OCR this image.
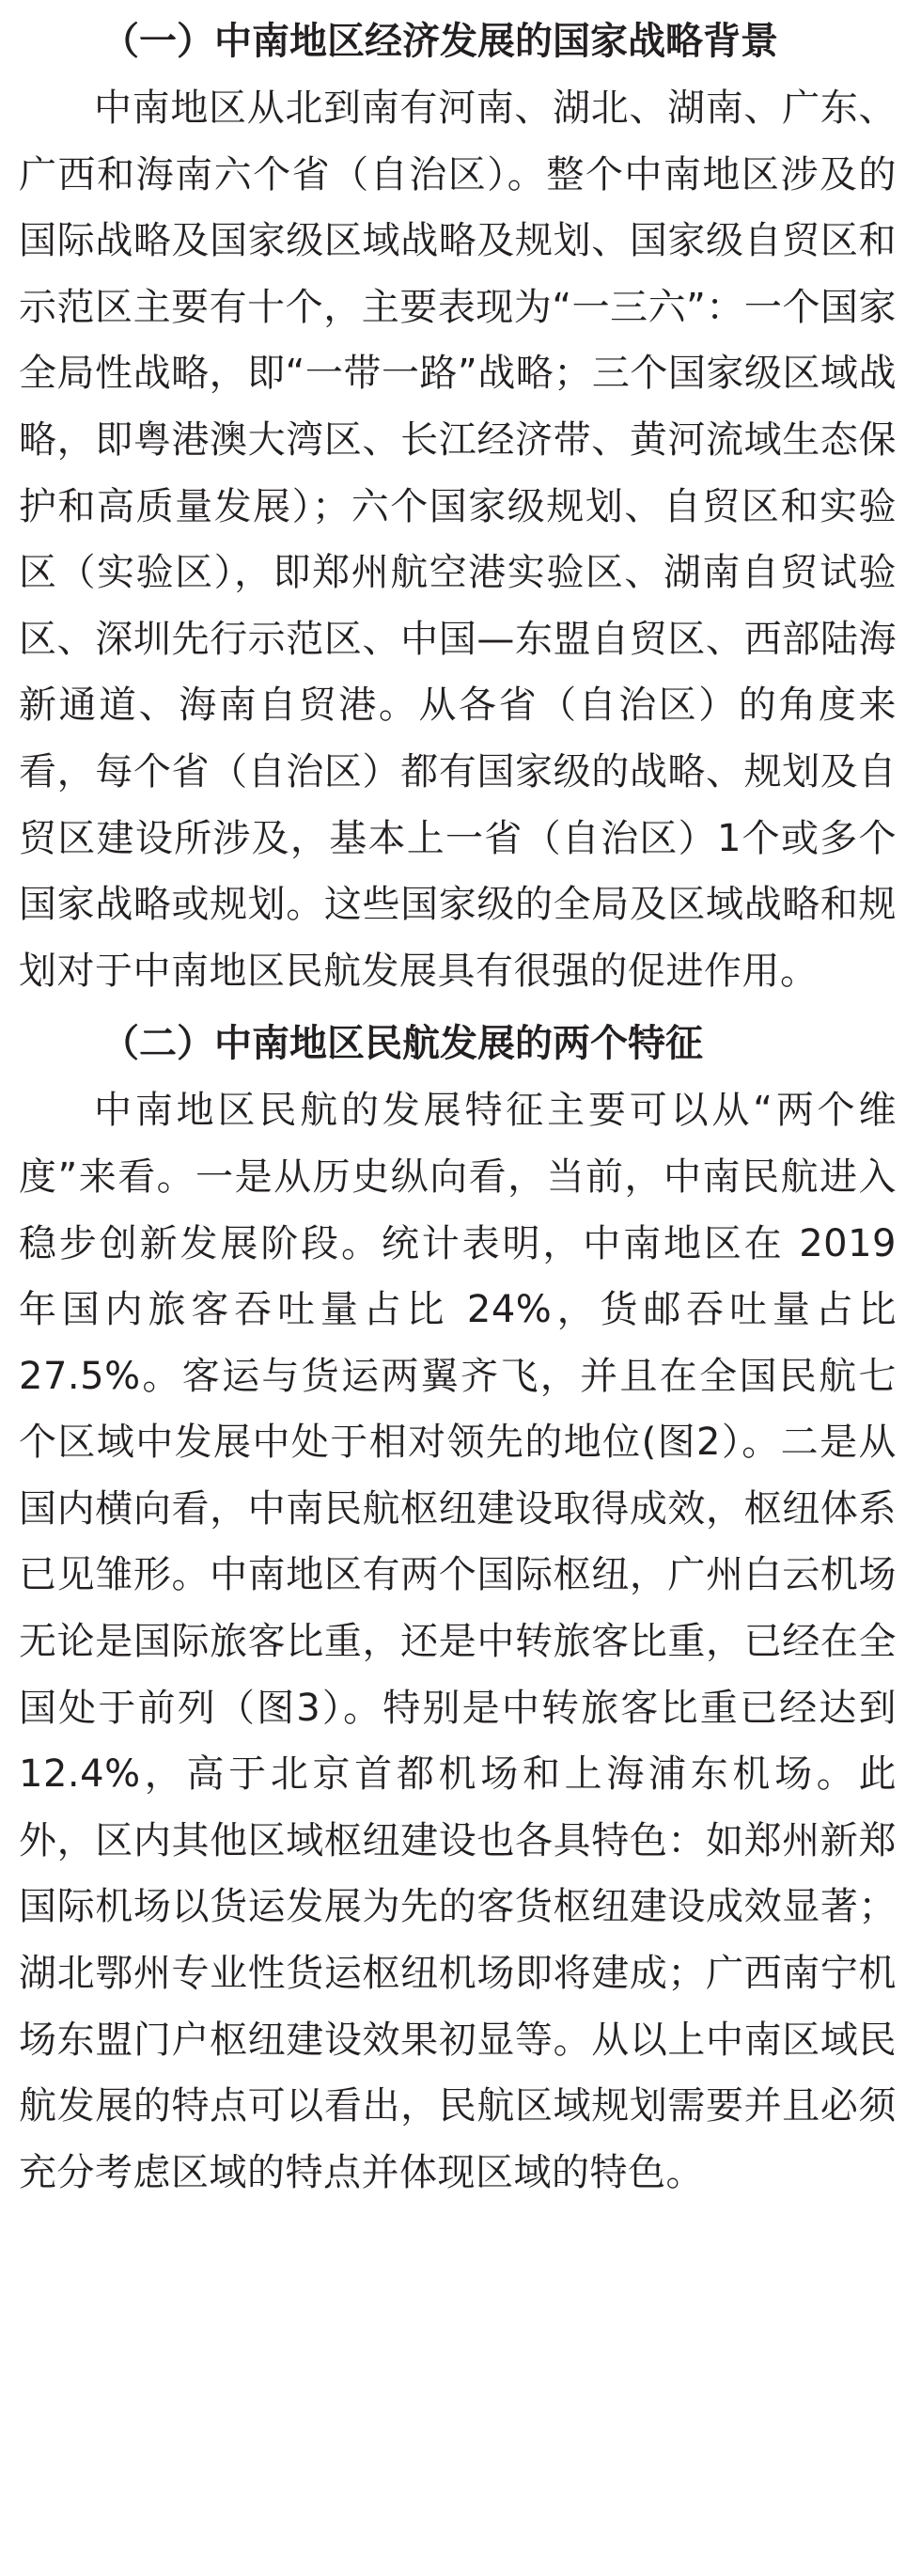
（一）中南地区经济发展的国家战略背景

中南地区从北到南有河南、湖北、湖南、广东、广西和海南六个省（自治区）。整个中南地区涉及的国际战略及国家级区域战略及规划、国家级自贸区和示范区主要有十个，主要表现为“一三六”：一个国家全局性战略，即“一带一路”战略；三个国家级区域战略，即粤港澳大湾区、长江经济带、黄河流域生态保护和高质量发展）；六个国家级规划、自贸区和实验区（实验区），即郑州航空港实验区、湖南自贸试验区、深圳先行示范区、中国—东盟自贸区、西部陆海新通道、海南自贸港。从各省（自治区）的角度来看，每个省（自治区）都有国家级的战略、规划及自贸区建设所涉及，基本上一省（自治区）1个或多个国家战略或规划。这些国家级的全局及区域战略和规划对于中南地区民航发展具有很强的促进作用。

（二）中南地区民航发展的两个特征

中南地区民航的发展特征主要可以从“两个维度”来看。一是从历史纵向看，当前，中南民航进入稳步创新发展阶段。统计表明，中南地区在 2019 年国内旅客吞吐量占比 24%，货邮吞吐量占比 27.5%。客运与货运两翼齐飞，并且在全国民航七个区域中发展中处于相对领先的地位(图2）。二是从国内横向看，中南民航枢纽建设取得成效，枢纽体系已见雏形。中南地区有两个国际枢纽，广州白云机场无论是国际旅客比重，还是中转旅客比重，已经在全国处于前列（图3）。特别是中转旅客比重已经达到 12.4%，高于北京首都机场和上海浦东机场。此外，区内其他区域枢纽建设也各具特色：如郑州新郑国际机场以货运发展为先的客货枢纽建设成效显著；湖北鄂州专业性货运枢纽机场即将建成；广西南宁机场东盟门户枢纽建设效果初显等。从以上中南区域民航发展的特点可以看出，民航区域规划需要并且必须充分考虑区域的特点并体现区域的特色。
